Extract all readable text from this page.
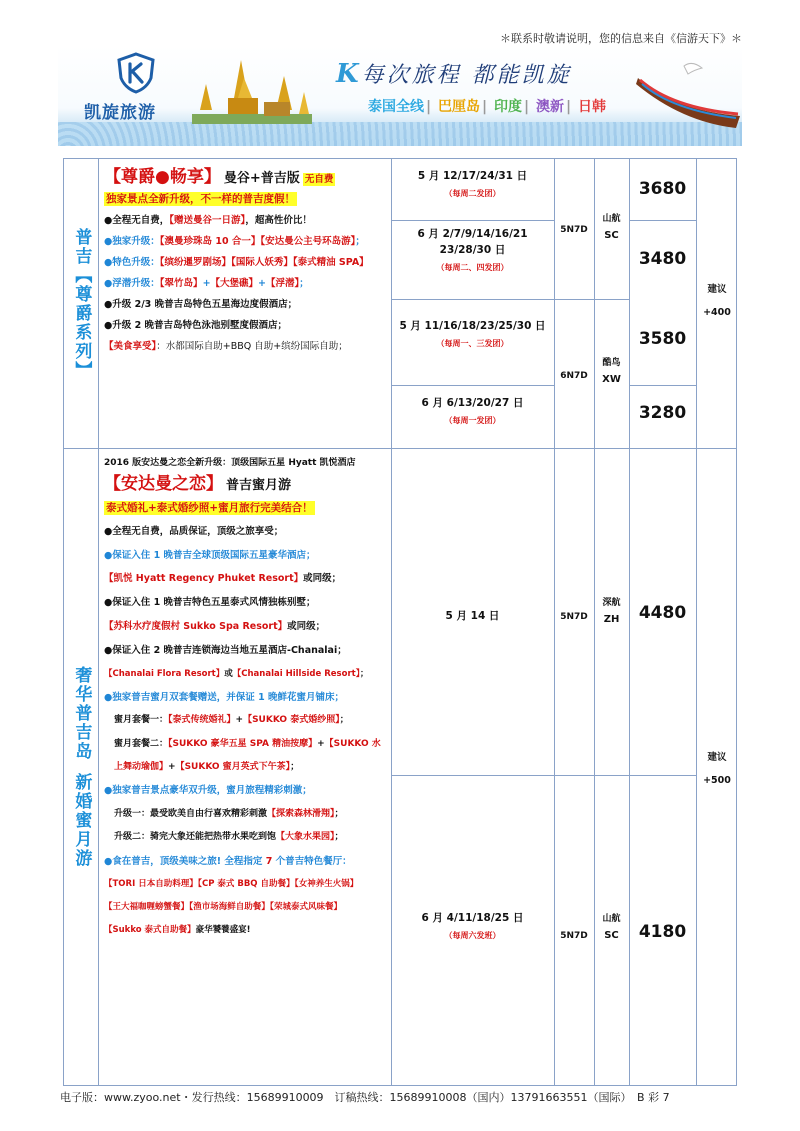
＊联系时敬请说明，您的信息来自《信游天下》＊
凯旋旅游
K每次旅程 都能凯旋
泰国全线 | 巴厘岛 | 印度 | 澳新 | 日韩
普吉【尊爵系列】
【尊爵●畅享】 曼谷+普吉版 无自费
独家景点全新升级，不一样的普吉度假！
●全程无自费，【赠送曼谷一日游】，超高性价比！
●独家升级：【澳曼珍珠岛 10 合一】【安达曼公主号环岛游】；
●特色升级：【缤纷暹罗剧场】【国际人妖秀】【泰式精油 SPA】
●浮潜升级：【翠竹岛】+【大堡礁】+【浮潜】；
●升级 2/3 晚普吉岛特色五星海边度假酒店；
●升级 2 晚普吉岛特色泳池别墅度假酒店；
【美食享受】：水都国际自助+BBQ 自助+缤纷国际自助；
5 月 12/17/24/31 日
（每周二发团）
6 月 2/7/9/14/16/21
23/28/30 日
（每周二、四发团）
5 月 11/16/18/23/25/30 日
（每周一、三发团）
6 月 6/13/20/27 日
（每周一发团）
5N7D
6N7D
山航
SC
酷鸟
XW
3680
3480
3580
3280
建议
+400
奢华普吉岛
新婚蜜月游
2016 版安达曼之恋全新升级：顶级国际五星 Hyatt 凯悦酒店
【安达曼之恋】 普吉蜜月游
泰式婚礼+泰式婚纱照+蜜月旅行完美结合！
●全程无自费，品质保证，顶级之旅享受；
●保证入住 1 晚普吉全球顶级国际五星豪华酒店；
【凯悦 Hyatt Regency Phuket Resort】或同级；
●保证入住 1 晚普吉特色五星泰式风情独栋别墅；
【苏科水疗度假村 Sukko Spa Resort】或同级；
●保证入住 2 晚普吉连锁海边当地五星酒店-Chanalai；
【Chanalai Flora Resort】或【Chanalai Hillside Resort】；
●独家普吉蜜月双套餐赠送，并保证 1 晚鲜花蜜月铺床；
蜜月套餐一：【泰式传统婚礼】+【SUKKO 泰式婚纱照】；
蜜月套餐二：【SUKKO 豪华五星 SPA 精油按摩】+【SUKKO 水
上舞动瑜伽】+【SUKKO 蜜月英式下午茶】；
●独家普吉景点豪华双升级，蜜月旅程精彩刺激；
升级一：最受欧美自由行喜欢精彩刺激【探索森林滑翔】；
升级二：骑完大象还能把热带水果吃到饱【大象水果园】；
●食在普吉，顶级美味之旅! 全程指定 7 个普吉特色餐厅：
【TORI 日本自助料理】【CP 泰式 BBQ 自助餐】【女神养生火锅】
【王大福咖喱螃蟹餐】【渔市场海鲜自助餐】【荣城泰式风味餐】
【Sukko 泰式自助餐】豪华饕餮盛宴!
5 月 14 日
6 月 4/11/18/25 日
（每周六发班）
5N7D
5N7D
深航
ZH
山航
SC
4480
4180
建议
+500
电子版：www.zyoo.net・发行热线：15689910009　订稿热线：15689910008（国内）13791663551（国际）　B 彩 7
